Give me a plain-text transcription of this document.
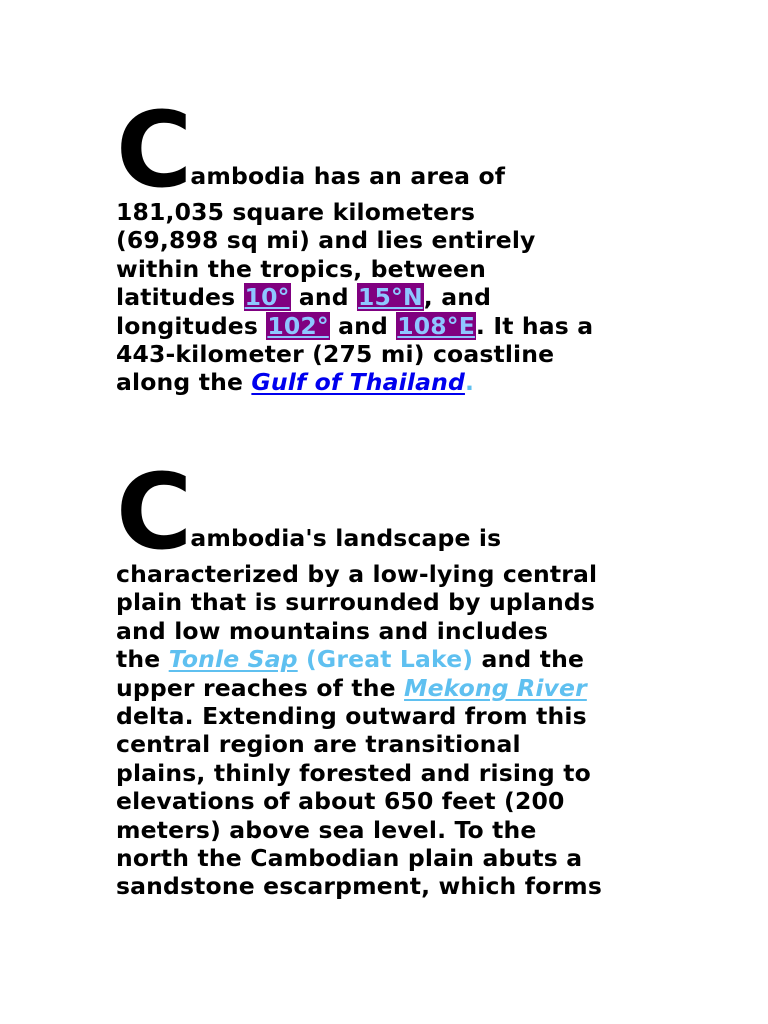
C ambodia has an area of
181,035 square kilometers
(69,898 sq mi) and lies entirely
within the tropics, between
latitudes 10° and 15°N, and
longitudes 102° and 108°E. It has a
443-kilometer (275 mi) coastline
along the Gulf of Thailand.
C ambodia's landscape is
characterized by a low-lying central
plain that is surrounded by uplands
and low mountains and includes
the Tonle Sap (Great Lake) and the
upper reaches of the Mekong River
delta. Extending outward from this
central region are transitional
plains, thinly forested and rising to
elevations of about 650 feet (200
meters) above sea level. To the
north the Cambodian plain abuts a
sandstone escarpment, which forms
